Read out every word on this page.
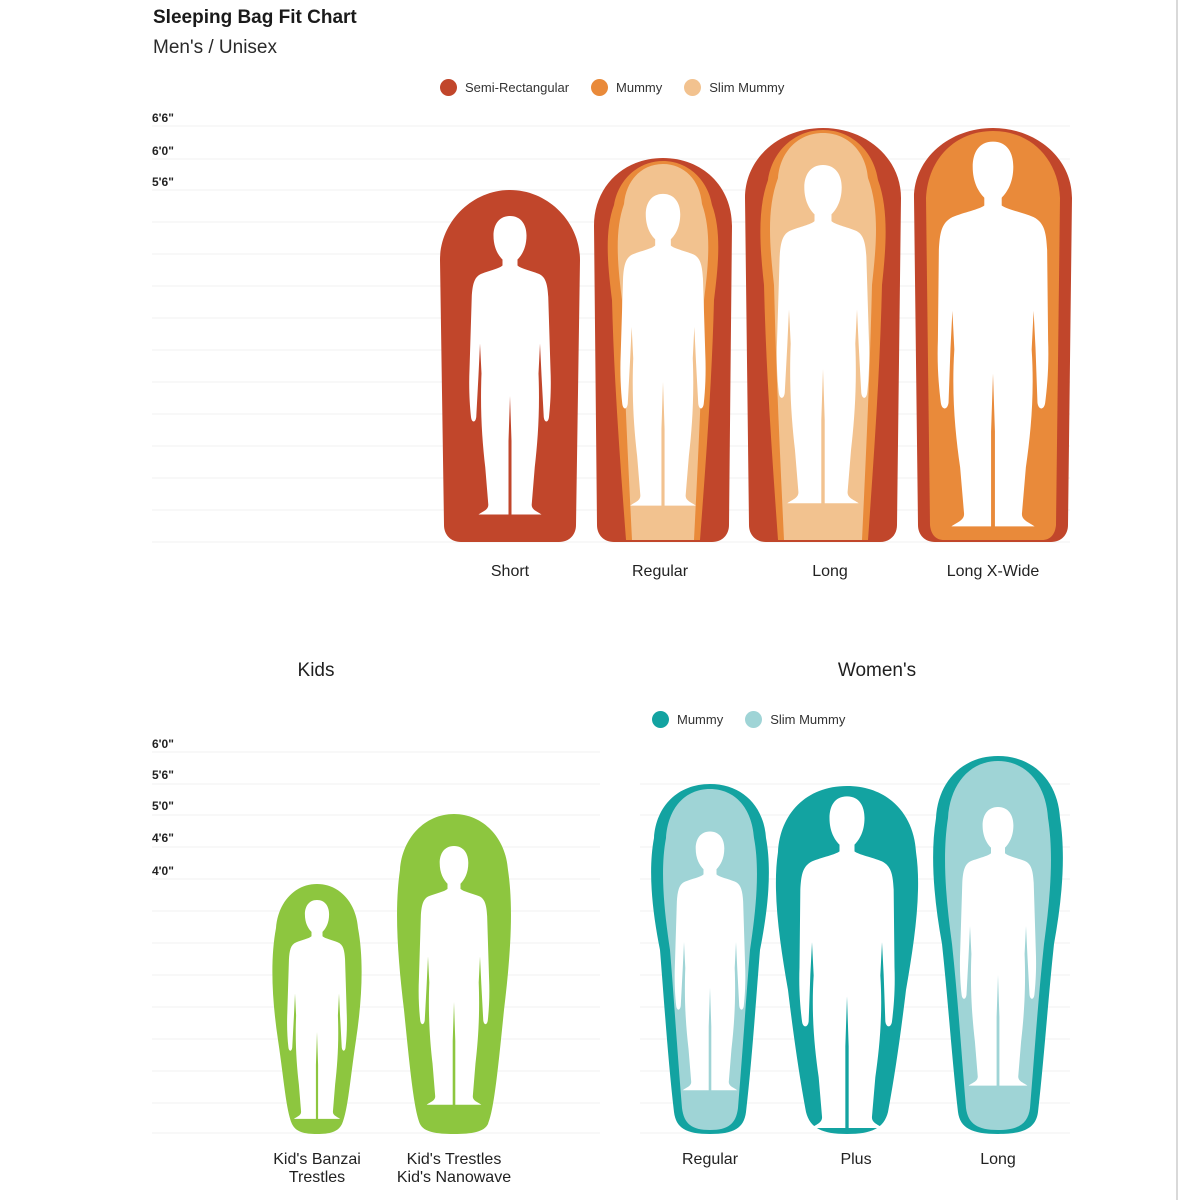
Sleeping Bag Fit Chart
Men's / Unisex
Semi-Rectangular	Mummy	Slim Mummy
6'6"
6'0"
5'6"
6'0"
5'6"
5'0"
4'6"
4'0"
Short	Regular	Long	Long X-Wide
Kids	Women's
Mummy	Slim Mummy
Kid's Banzai
Trestles
Kid's Trestles
Kid's Nanowave
Regular	Plus	Long
